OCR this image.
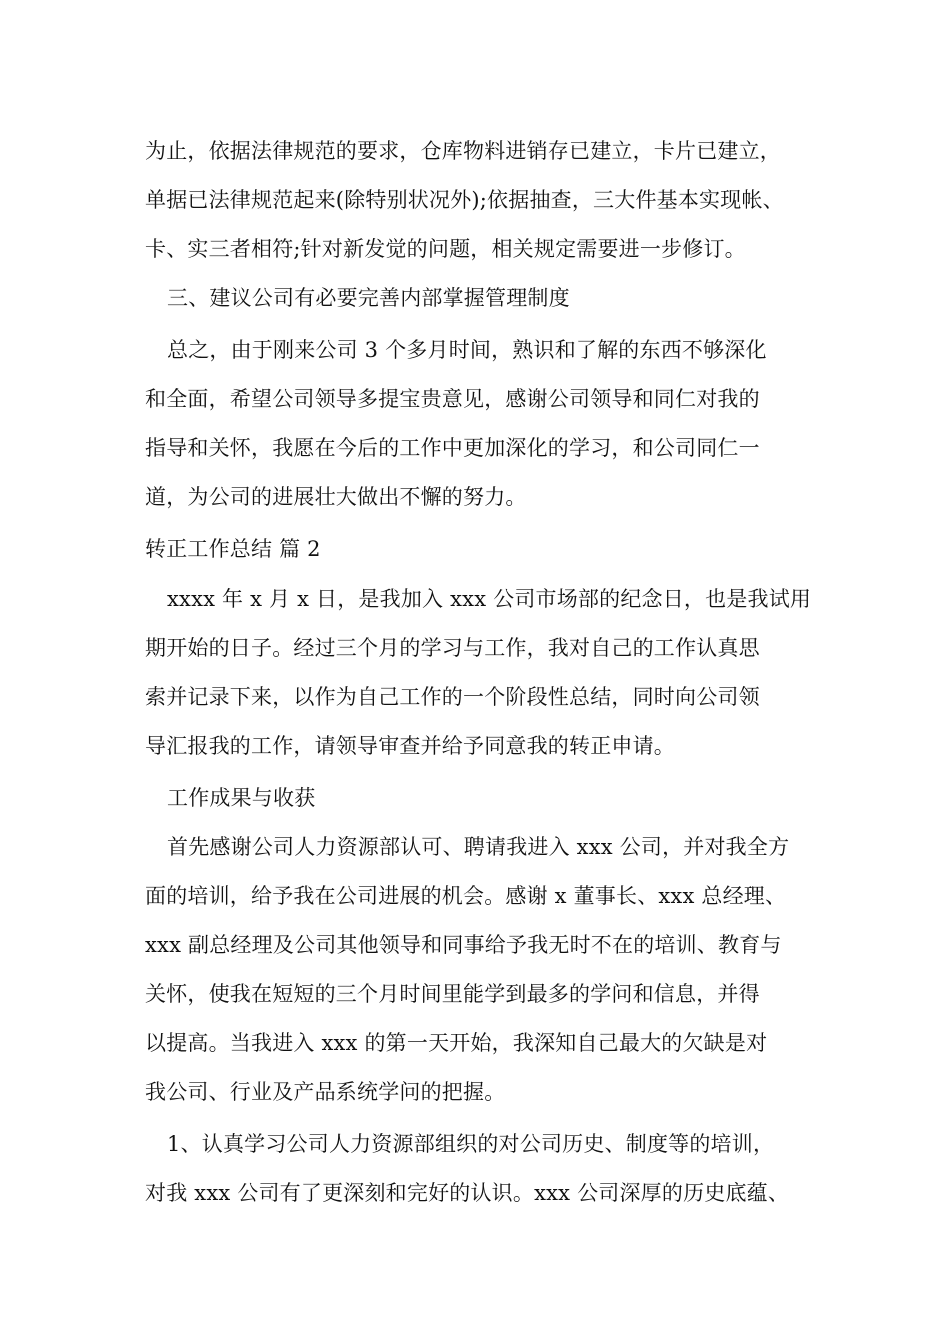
为止，依据法律规范的要求，仓库物料进销存已建立，卡片已建立，
单据已法律规范起来(除特别状况外);依据抽查，三大件基本实现帐、
卡、实三者相符;针对新发觉的问题，相关规定需要进一步修订。
三、建议公司有必要完善内部掌握管理制度
总之，由于刚来公司 3 个多月时间，熟识和了解的东西不够深化
和全面，希望公司领导多提宝贵意见，感谢公司领导和同仁对我的
指导和关怀，我愿在今后的工作中更加深化的学习，和公司同仁一
道，为公司的进展壮大做出不懈的努力。
转正工作总结 篇 2
xxxx 年 x 月 x 日，是我加入 xxx 公司市场部的纪念日，也是我试用
期开始的日子。经过三个月的学习与工作，我对自己的工作认真思
索并记录下来，以作为自己工作的一个阶段性总结，同时向公司领
导汇报我的工作，请领导审查并给予同意我的转正申请。
工作成果与收获
首先感谢公司人力资源部认可、聘请我进入 xxx 公司，并对我全方
面的培训，给予我在公司进展的机会。感谢 x 董事长、xxx 总经理、
xxx 副总经理及公司其他领导和同事给予我无时不在的培训、教育与
关怀，使我在短短的三个月时间里能学到最多的学问和信息，并得
以提高。当我进入 xxx 的第一天开始，我深知自己最大的欠缺是对
我公司、行业及产品系统学问的把握。
1、认真学习公司人力资源部组织的对公司历史、制度等的培训，
对我 xxx 公司有了更深刻和完好的认识。xxx 公司深厚的历史底蕴、
